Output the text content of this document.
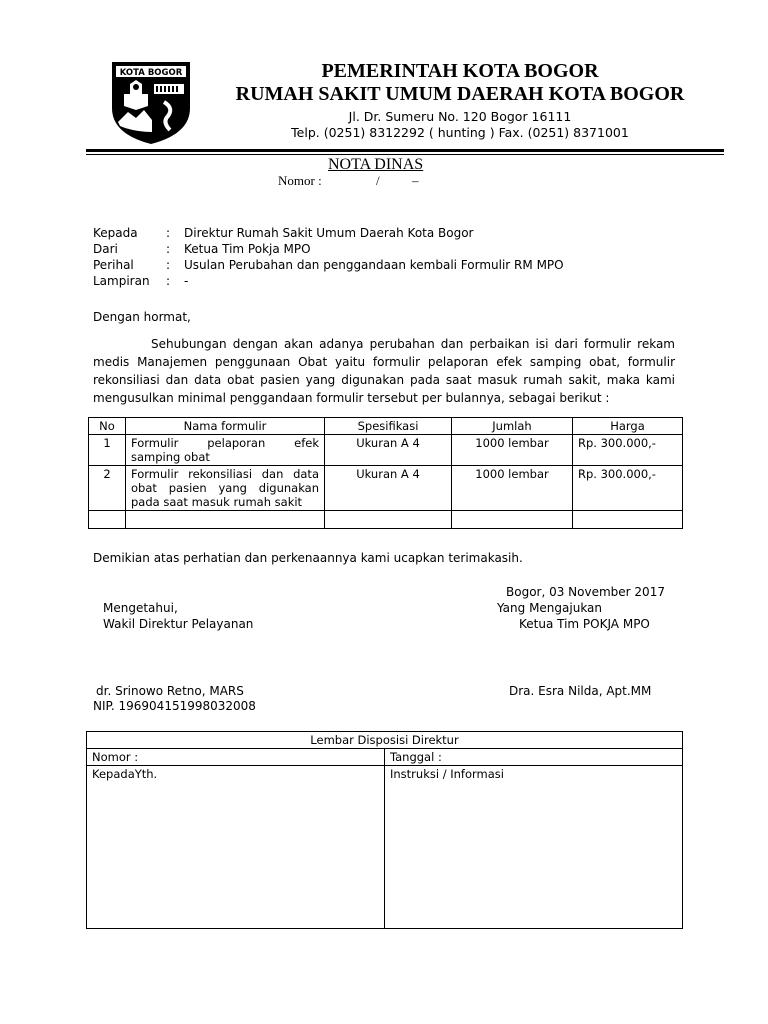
KOTA BOGOR	PEMERINTAH KOTA BOGOR
RUMAH SAKIT UMUM DAERAH KOTA BOGOR
Jl. Dr. Sumeru No. 120 Bogor 16111
Telp. (0251) 8312292 ( hunting ) Fax. (0251) 8371001
NOTA DINAS
Nomor :	/ –
Kepada : Direktur Rumah Sakit Umum Daerah Kota Bogor
Dari	: Ketua Tim Pokja MPO
Perihal	: Usulan Perubahan dan penggandaan kembali Formulir RM MPO
Lampiran : -
Dengan hormat,
Sehubungan dengan akan adanya perubahan dan perbaikan isi dari formulir rekam medis Manajemen penggunaan Obat yaitu formulir pelaporan efek samping obat, formulir rekonsiliasi dan data obat pasien yang digunakan pada saat masuk rumah sakit, maka kami mengusulkan minimal penggandaan formulir tersebut per bulannya, sebagai berikut :
No	Nama formulir	Spesifikasi	Jumlah	Harga
1	Formulir pelaporan efek samping obat	Ukuran A 4	1000 lembar	Rp. 300.000,-
2	Formulir rekonsiliasi dan data obat pasien yang digunakan pada saat masuk rumah sakit	Ukuran A 4	1000 lembar	Rp. 300.000,-

Demikian atas perhatian dan perkenaannya kami ucapkan terimakasih.
Bogor, 03 November 2017
Mengetahui,
Wakil Direktur Pelayanan
Yang Mengajukan
Ketua Tim POKJA MPO
dr. Srinowo Retno, MARS
NIP. 196904151998032008
Dra. Esra Nilda, Apt.MM
Lembar Disposisi Direktur	
Nomor :	Tanggal :
KepadaYth.	Instruksi / Informasi
